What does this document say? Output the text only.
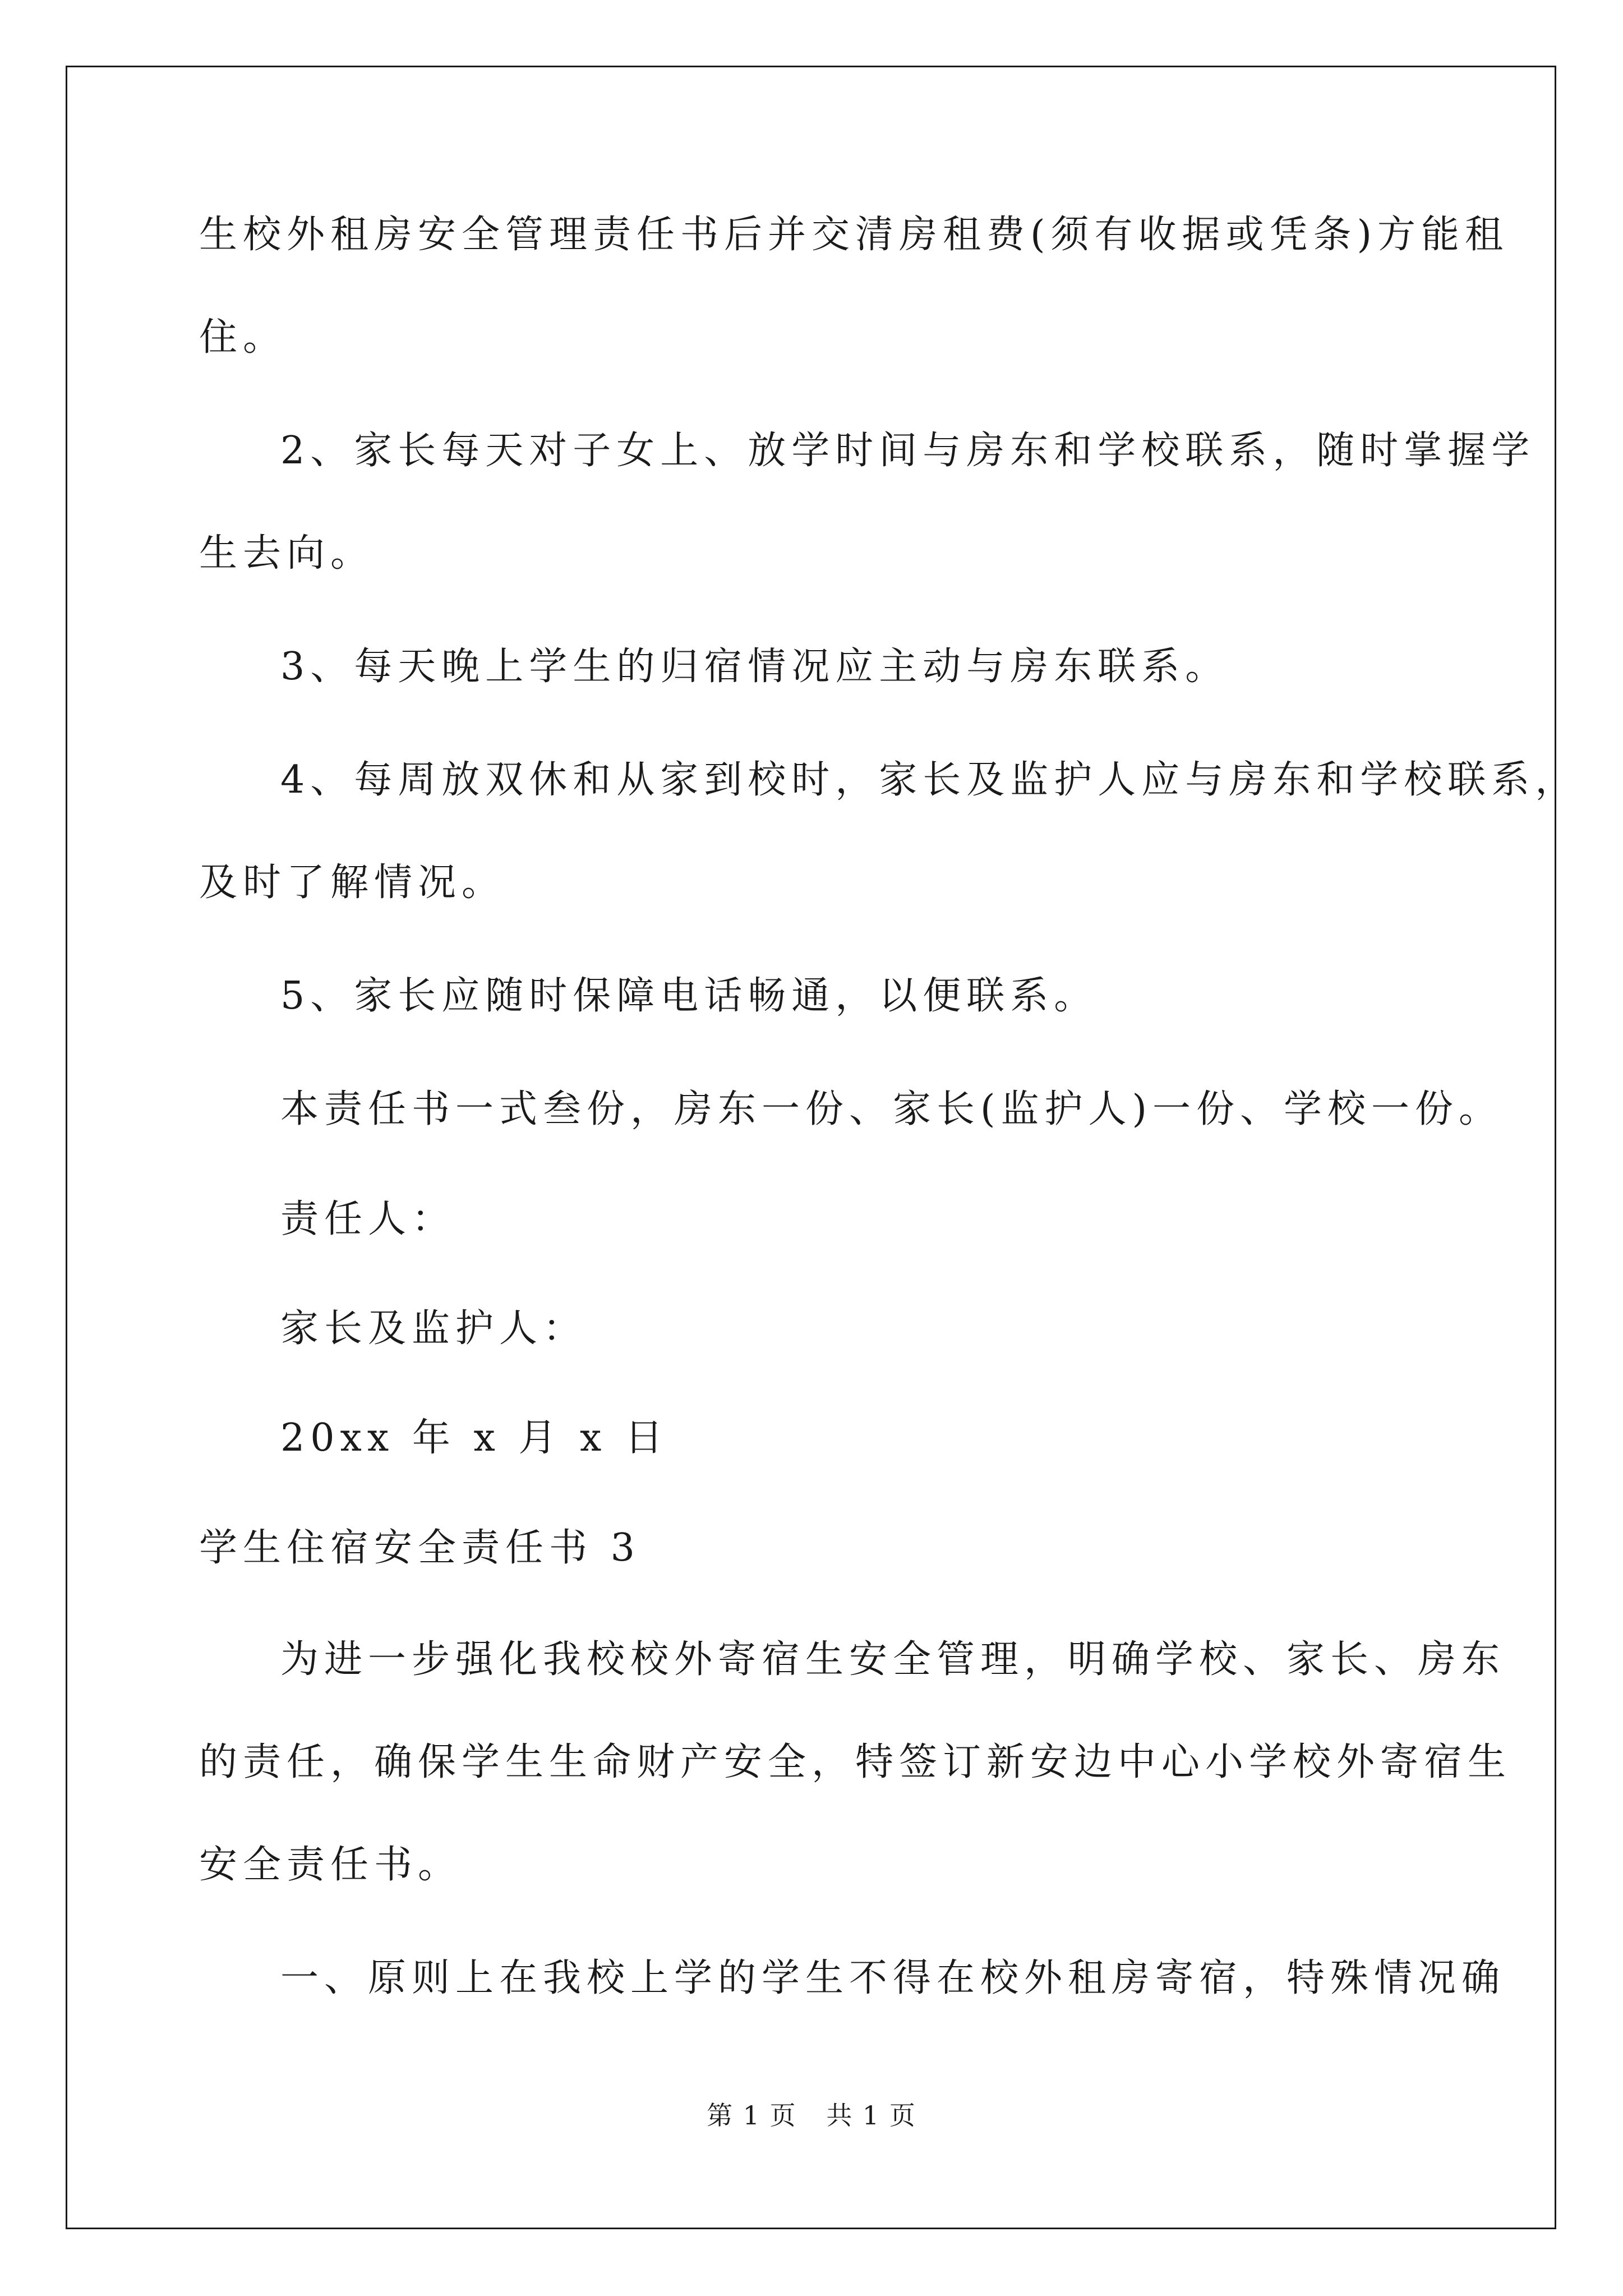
生校外租房安全管理责任书后并交清房租费(须有收据或凭条)方能租
住。
2、家长每天对子女上、放学时间与房东和学校联系，随时掌握学
生去向。
3、每天晚上学生的归宿情况应主动与房东联系。
4、每周放双休和从家到校时，家长及监护人应与房东和学校联系，
及时了解情况。
5、家长应随时保障电话畅通，以便联系。
本责任书一式叁份，房东一份、家长(监护人)一份、学校一份。
责任人：
家长及监护人：
20xx 年 x 月 x 日
学生住宿安全责任书 3
为进一步强化我校校外寄宿生安全管理，明确学校、家长、房东
的责任，确保学生生命财产安全，特签订新安边中心小学校外寄宿生
安全责任书。
一、原则上在我校上学的学生不得在校外租房寄宿，特殊情况确
第 1 页 共 1 页
